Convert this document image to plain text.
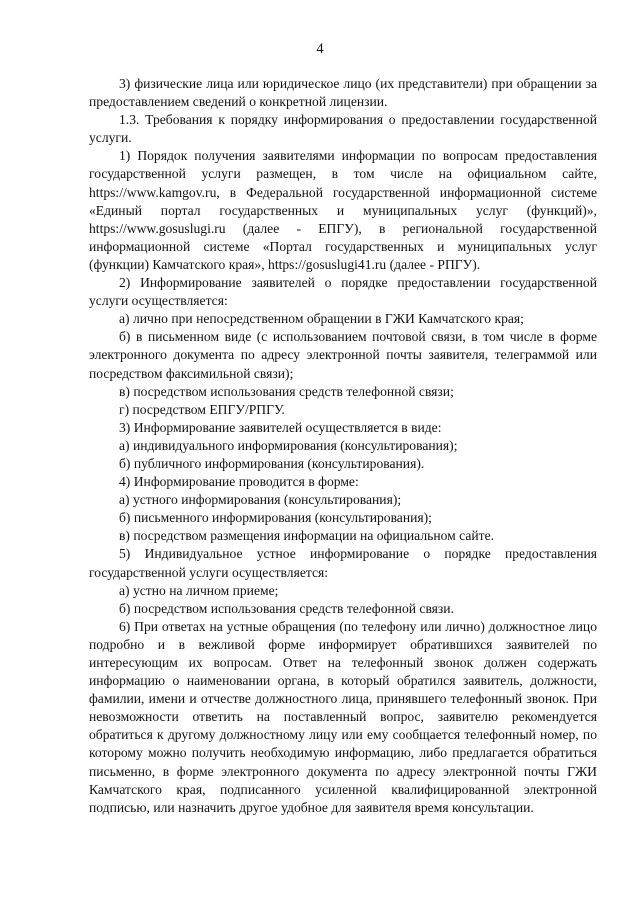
4

3) физические лица или юридическое лицо (их представители) при обращении за предоставлением сведений о конкретной лицензии.

1.3. Требования к порядку информирования о предоставлении государственной услуги.

1) Порядок получения заявителями информации по вопросам предоставления государственной услуги размещен, в том числе на официальном сайте, https://www.kamgov.ru, в Федеральной государственной информационной системе «Единый портал государственных и муниципальных услуг (функций)», https://www.gosuslugi.ru (далее - ЕПГУ), в региональной государственной информационной системе «Портал государственных и муниципальных услуг (функции) Камчатского края», https://gosuslugi41.ru (далее - РПГУ).

2) Информирование заявителей о порядке предоставлении государственной услуги осуществляется:

а) лично при непосредственном обращении в ГЖИ Камчатского края;

б) в письменном виде (с использованием почтовой связи, в том числе в форме электронного документа по адресу электронной почты заявителя, телеграммой или посредством факсимильной связи);

в) посредством использования средств телефонной связи;

г) посредством ЕПГУ/РПГУ.

3) Информирование заявителей осуществляется в виде:

а) индивидуального информирования (консультирования);

б) публичного информирования (консультирования).

4) Информирование проводится в форме:

а) устного информирования (консультирования);

б) письменного информирования (консультирования);

в) посредством размещения информации на официальном сайте.

5) Индивидуальное устное информирование о порядке предоставления государственной услуги осуществляется:

а) устно на личном приеме;

б) посредством использования средств телефонной связи.

6) При ответах на устные обращения (по телефону или лично) должностное лицо подробно и в вежливой форме информирует обратившихся заявителей по интересующим их вопросам. Ответ на телефонный звонок должен содержать информацию о наименовании органа, в который обратился заявитель, должности, фамилии, имени и отчестве должностного лица, принявшего телефонный звонок. При невозможности ответить на поставленный вопрос, заявителю рекомендуется обратиться к другому должностному лицу или ему сообщается телефонный номер, по которому можно получить необходимую информацию, либо предлагается обратиться письменно, в форме электронного документа по адресу электронной почты ГЖИ Камчатского края, подписанного усиленной квалифицированной электронной подписью, или назначить другое удобное для заявителя время консультации.
